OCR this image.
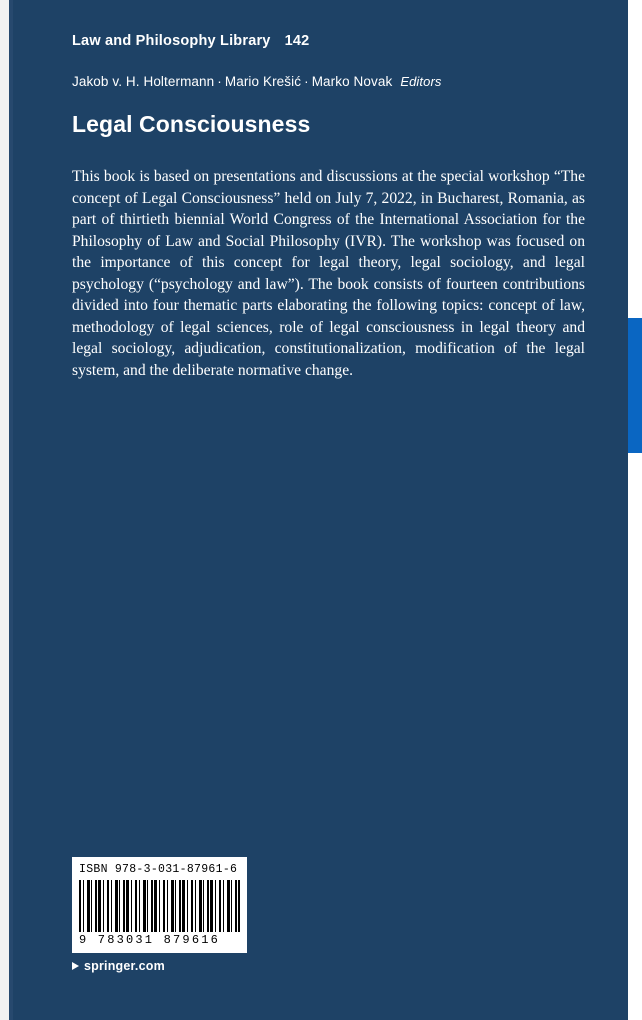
Law and Philosophy Library 142
Jakob v. H. Holtermann · Mario Krešić · Marko Novak Editors
Legal Consciousness
This book is based on presentations and discussions at the special workshop “The concept of Legal Consciousness” held on July 7, 2022, in Bucharest, Romania, as part of thirtieth biennial World Congress of the International Association for the Philosophy of Law and Social Philosophy (IVR). The workshop was focused on the importance of this concept for legal theory, legal sociology, and legal psychology (“psychology and law”). The book consists of fourteen contributions divided into four thematic parts elaborating the following topics: concept of law, methodology of legal sciences, role of legal consciousness in legal theory and legal sociology, adjudication, constitutionalization, modification of the legal system, and the deliberate normative change.
ISBN 978-3-031-87961-6
9 783031 879616
springer.com
